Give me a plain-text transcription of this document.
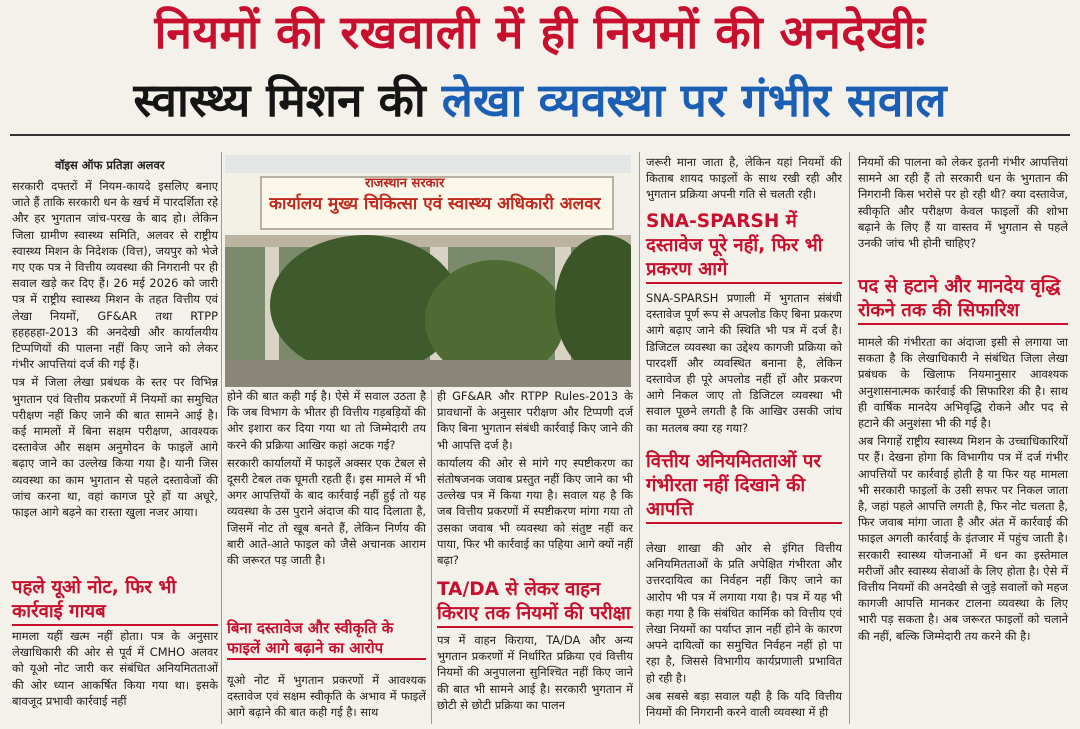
नियमों की रखवाली में ही नियमों की अनदेखीः
स्वास्थ्य मिशन की लेखा व्यवस्था पर गंभीर सवाल
वॉइस ऑफ प्रतिज्ञा अलवर

सरकारी दफ्तरों में नियम-कायदे इसलिए बनाए जाते हैं ताकि सरकारी धन के खर्च में पारदर्शिता रहे और हर भुगतान जांच-परख के बाद हो। लेकिन जिला ग्रामीण स्वास्थ्य समिति, अलवर से राष्ट्रीय स्वास्थ्य मिशन के निदेशक (वित्त), जयपुर को भेजे गए एक पत्र ने वित्तीय व्यवस्था की निगरानी पर ही सवाल खड़े कर दिए हैं। 26 मई 2026 को जारी पत्र में राष्ट्रीय स्वास्थ्य मिशन के तहत वित्तीय एवं लेखा नियमों, GF&AR तथा RTPP हहहहहा-2013 की अनदेखी और कार्यालयीय टिप्पणियों की पालना नहीं किए जाने को लेकर गंभीर आपत्तियां दर्ज की गई हैं।

पत्र में जिला लेखा प्रबंधक के स्तर पर विभिन्न भुगतान एवं वित्तीय प्रकरणों में नियमों का समुचित परीक्षण नहीं किए जाने की बात सामने आई है। कई मामलों में बिना सक्षम परीक्षण, आवश्यक दस्तावेज और सक्षम अनुमोदन के फाइलें आगे बढ़ाए जाने का उल्लेख किया गया है। यानी जिस व्यवस्था का काम भुगतान से पहले दस्तावेजों की जांच करना था, वहां कागज पूरे हों या अधूरे, फाइल आगे बढ़ने का रास्ता खुला नजर आया।

पहले यूओ नोट, फिर भी कार्रवाई गायब

मामला यहीं खत्म नहीं होता। पत्र के अनुसार लेखाधिकारी की ओर से पूर्व में CMHO अलवर को यूओ नोट जारी कर संबंधित अनियमितताओं की ओर ध्यान आकर्षित किया गया था। इसके बावजूद प्रभावी कार्रवाई नहीं

राजस्थान सरकार
कार्यालय मुख्य चिकित्सा एवं स्वास्थ्य अधिकारी अलवर

होने की बात कही गई है। ऐसे में सवाल उठता है कि जब विभाग के भीतर ही वित्तीय गड़बड़ियों की ओर इशारा कर दिया गया था तो जिम्मेदारी तय करने की प्रक्रिया आखिर कहां अटक गई?

सरकारी कार्यालयों में फाइलें अक्सर एक टेबल से दूसरी टेबल तक घूमती रहती हैं। इस मामले में भी अगर आपत्तियों के बाद कार्रवाई नहीं हुई तो यह व्यवस्था के उस पुराने अंदाज की याद दिलाता है, जिसमें नोट तो खूब बनते हैं, लेकिन निर्णय की बारी आते-आते फाइल को जैसे अचानक आराम की जरूरत पड़ जाती है।

बिना दस्तावेज और स्वीकृति के फाइलें आगे बढ़ाने का आरोप

यूओ नोट में भुगतान प्रकरणों में आवश्यक दस्तावेज एवं सक्षम स्वीकृति के अभाव में फाइलें आगे बढ़ाने की बात कही गई है। साथ

ही GF&AR और RTPP Rules-2013 के प्रावधानों के अनुसार परीक्षण और टिप्पणी दर्ज किए बिना भुगतान संबंधी कार्रवाई किए जाने की भी आपत्ति दर्ज है।

कार्यालय की ओर से मांगे गए स्पष्टीकरण का संतोषजनक जवाब प्रस्तुत नहीं किए जाने का भी उल्लेख पत्र में किया गया है। सवाल यह है कि जब वित्तीय प्रकरणों में स्पष्टीकरण मांगा गया तो उसका जवाब भी व्यवस्था को संतुष्ट नहीं कर पाया, फिर भी कार्रवाई का पहिया आगे क्यों नहीं बढ़ा?

TA/DA से लेकर वाहन किराए तक नियमों की परीक्षा

पत्र में वाहन किराया, TA/DA और अन्य भुगतान प्रकरणों में निर्धारित प्रक्रिया एवं वित्तीय नियमों की अनुपालना सुनिश्चित नहीं किए जाने की बात भी सामने आई है। सरकारी भुगतान में छोटी से छोटी प्रक्रिया का पालन

जरूरी माना जाता है, लेकिन यहां नियमों की किताब शायद फाइलों के साथ रखी रही और भुगतान प्रक्रिया अपनी गति से चलती रही।

SNA-SPARSH में दस्तावेज पूरे नहीं, फिर भी प्रकरण आगे

SNA-SPARSH प्रणाली में भुगतान संबंधी दस्तावेज पूर्ण रूप से अपलोड किए बिना प्रकरण आगे बढ़ाए जाने की स्थिति भी पत्र में दर्ज है। डिजिटल व्यवस्था का उद्देश्य कागजी प्रक्रिया को पारदर्शी और व्यवस्थित बनाना है, लेकिन दस्तावेज ही पूरे अपलोड नहीं हों और प्रकरण आगे निकल जाए तो डिजिटल व्यवस्था भी सवाल पूछने लगती है कि आखिर उसकी जांच का मतलब क्या रह गया?

वित्तीय अनियमितताओं पर गंभीरता नहीं दिखाने की आपत्ति

लेखा शाखा की ओर से इंगित वित्तीय अनियमितताओं के प्रति अपेक्षित गंभीरता और उत्तरदायित्व का निर्वहन नहीं किए जाने का आरोप भी पत्र में लगाया गया है। पत्र में यह भी कहा गया है कि संबंधित कार्मिक को वित्तीय एवं लेखा नियमों का पर्याप्त ज्ञान नहीं होने के कारण अपने दायित्वों का समुचित निर्वहन नहीं हो पा रहा है, जिससे विभागीय कार्यप्रणाली प्रभावित हो रही है।

अब सबसे बड़ा सवाल यही है कि यदि वित्तीय नियमों की निगरानी करने वाली व्यवस्था में ही

नियमों की पालना को लेकर इतनी गंभीर आपत्तियां सामने आ रही हैं तो सरकारी धन के भुगतान की निगरानी किस भरोसे पर हो रही थी? क्या दस्तावेज, स्वीकृति और परीक्षण केवल फाइलों की शोभा बढ़ाने के लिए हैं या वास्तव में भुगतान से पहले उनकी जांच भी होनी चाहिए?

पद से हटाने और मानदेय वृद्धि रोकने तक की सिफारिश

मामले की गंभीरता का अंदाजा इसी से लगाया जा सकता है कि लेखाधिकारी ने संबंधित जिला लेखा प्रबंधक के खिलाफ नियमानुसार आवश्यक अनुशासनात्मक कार्रवाई की सिफारिश की है। साथ ही वार्षिक मानदेय अभिवृद्धि रोकने और पद से हटाने की अनुशंसा भी की गई है।

अब निगाहें राष्ट्रीय स्वास्थ्य मिशन के उच्चाधिकारियों पर हैं। देखना होगा कि विभागीय पत्र में दर्ज गंभीर आपत्तियों पर कार्रवाई होती है या फिर यह मामला भी सरकारी फाइलों के उसी सफर पर निकल जाता है, जहां पहले आपत्ति लगती है, फिर नोट चलता है, फिर जवाब मांगा जाता है और अंत में कार्रवाई की फाइल अगली कार्रवाई के इंतजार में पहुंच जाती है। सरकारी स्वास्थ्य योजनाओं में धन का इस्तेमाल मरीजों और स्वास्थ्य सेवाओं के लिए होता है। ऐसे में वित्तीय नियमों की अनदेखी से जुड़े सवालों को महज कागजी आपत्ति मानकर टालना व्यवस्था के लिए भारी पड़ सकता है। अब जरूरत फाइलों को चलाने की नहीं, बल्कि जिम्मेदारी तय करने की है।
